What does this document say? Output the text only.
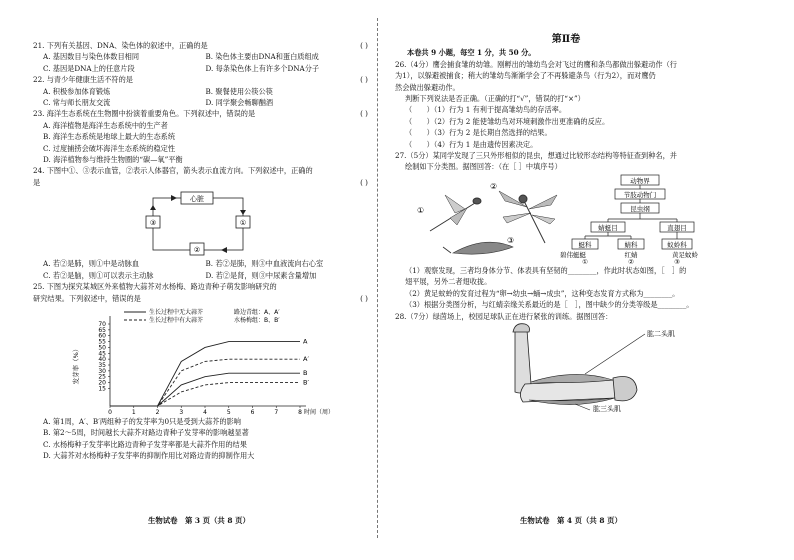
21. 下列有关基因、DNA、染色体的叙述中，正确的是	( )
A. 基因数目与染色体数目相同	B. 染色体主要由DNA和蛋白质组成
C. 基因是DNA上的任意片段	D. 每条染色体上有许多个DNA分子
22. 与青少年健康生活不符的是	( )
A. 积极参加体育锻炼	B. 聚餐使用公筷公筷
C. 常与师长朋友交流	D. 同学聚会畅聊酗酒
23. 海洋生态系统在生物圈中扮演着重要角色。下列叙述中，错误的是	( )
A. 海洋植物是海洋生态系统中的生产者
B. 海洋生态系统是地球上最大的生态系统
C. 过度捕捞会破坏海洋生态系统的稳定性
D. 海洋植物参与维持生物圈的“碳—氧”平衡
24. 下图中①、③表示血管，②表示人体器官，箭头表示血流方向。下列叙述中，正确的
是	( )
心脏
③	①
②
A. 若②是肺，则①中是动脉血	B. 若②是肺，则③中血液流向右心室
C. 若②是脑，则①可以表示主动脉	D. 若②是肾，则③中尿素含量增加
25. 下图为探究某城区外来植物大蒜芥对水杨梅、路边青种子萌发影响研究的
研究结果。下列叙述中，错误的是	( )
0	1	2	3	4	5	6	7	8
15
20
25
30
35
40
45
50
55
60
65
70
发芽率（%）
时间（周）
A
A′
B
B′
生长过程中无大蒜芥
生长过程中有大蒜芥
路边青组：A、A′
水杨梅组：B、B′
A. 第1周，A′、B′两组种子的发芽率为0只是受到大蒜芥的影响
B. 第2～5周，时间越长大蒜芥对路边青种子发芽率的影响越显著
C. 水杨梅种子发芽率比路边青种子发芽率都是大蒜芥作用的结果
D. 大蒜芥对水杨梅种子发芽率的抑制作用比对路边青的抑制作用大
生物试卷　第 3 页（共 8 页）
第Ⅱ卷
本卷共 9 小题，每空 1 分，共 50 分。
26.（4分）鹰会捕食雏的幼雏。刚孵出的雏幼鸟会对飞过的鹰和条鸟都做出躲避动作（行
为1），以躲避被捕食；稍大的雏幼鸟渐渐学会了不再躲避条鸟（行为2），而对鹰仍
然会做出躲避动作。
判断下列说法是否正确。（正确的打“√”，错误的打“×”）
（　　）（1）行为 1 有利于提高雏幼鸟的存活率。
（　　）（2）行为 2 能使雏幼鸟对环境刺激作出更准确的反应。
（　　）（3）行为 2 是长期自然选择的结果。
（　　）（4）行为 1 是由遗传因素决定。
27.（5分）某同学发现了三只外形相似的昆虫，想通过比较形态结构等特征查到种名，并
绘制如下分类图。据图回答：（在［ ］中填序号）
①
②
③
动物界
节肢动物门
昆虫纲
蜻蜓目	直翅目
蜓科	蜻科	蚁蛉科
碧伟蜓蜓	红蜻	黄足蚊蛉
①	②	③
（1）观察发现，三者均身体分节、体表具有坚韧的________，作此时状态如图，［　］的
翅平展，另外二者翅收拢。
（2）黄足蚊蛉的发育过程为“卵→幼虫→蛹→成虫”，这种变态发育方式称为________。
（3）根据分类图分析，与红蜻亲缘关系最近的是［　］，图中缺少的分类等级是________。
28.（7分）绿茵场上，校园足球队正在进行紧张的训练。据图回答：
肱二头肌
肱三头肌
生物试卷　第 4 页（共 8 页）
